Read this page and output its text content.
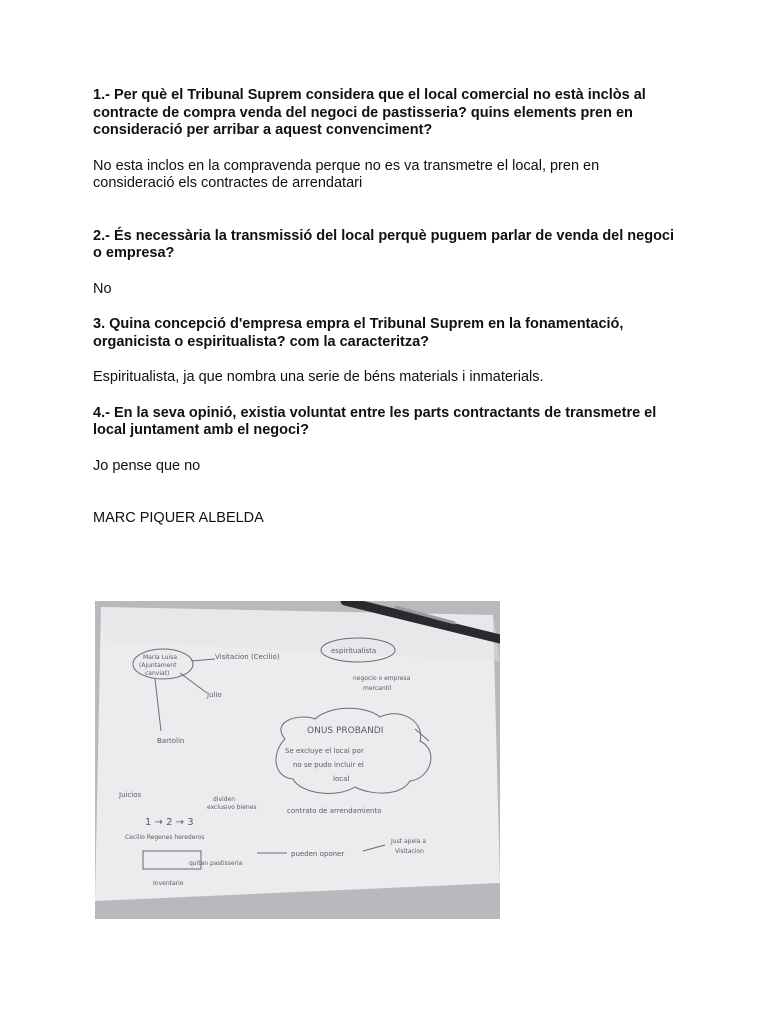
1.- Per què el Tribunal Suprem considera que el local comercial no està inclòs al contracte de compra venda del negoci de pastisseria? quins elements pren en consideració per arribar a aquest convenciment?

No esta inclos en la compravenda perque no es va transmetre el local, pren en consideració els contractes de arrendatari

2.- És necessària la transmissió del local perquè puguem parlar de venda del negoci o empresa?

No

3. Quina concepció d'empresa empra el Tribunal Suprem en la fonamentació, organicista o espiritualista? com la caracteritza?

Espiritualista, ja que nombra una serie de béns materials i inmaterials.

4.- En la seva opinió, existia voluntat entre les parts contractants de transmetre el local juntament amb el negoci?

Jo pense que no

MARC PIQUER ALBELDA

Maria Luisa
(Ajuntament
canviat)
Visitacion (Cecilio)
Julio
Bartolin
espiritualista
negocio o empresa
mercantil
ONUS PROBANDI
Se excluye el local por
no se pudo incluir el
local
Juicios
1 → 2 → 3
dividen
exclusivo bienes
Cecilio Regenes herederos
contrato de arrendamiento
quitan pastisseria
pueden oponer
Just apela a
Visitacion
Inventario
